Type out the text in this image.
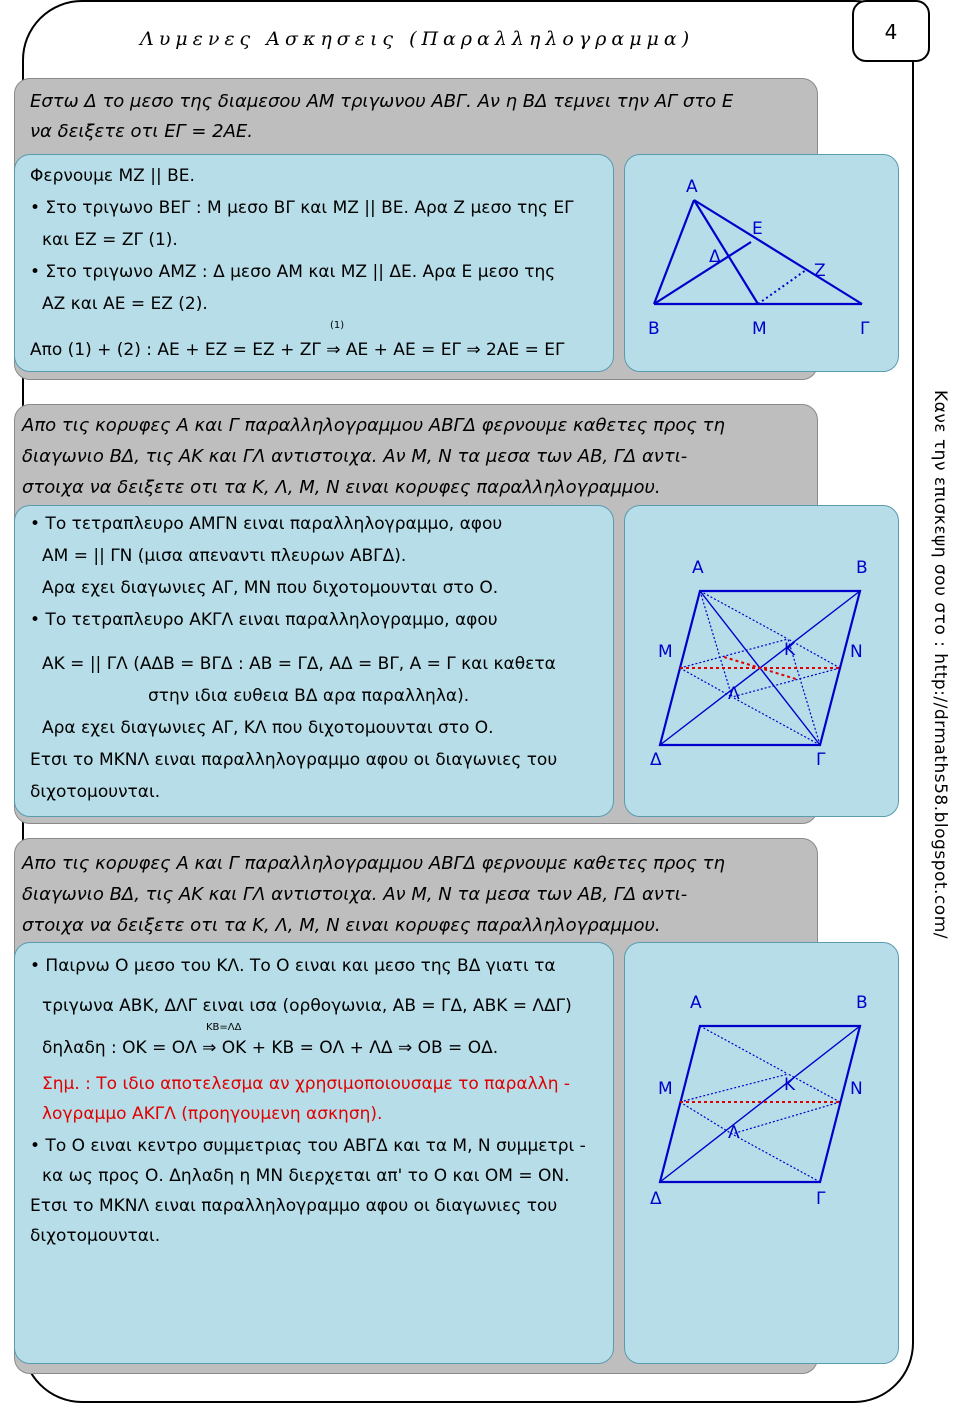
Λυμενες Ασκησεις (Παραλληλογραμμα)	4
Κανε την επισκεψη σου στο : http://drmaths58.blogspot.com/
Εστω Δ το μεσο της διαμεσου ΑΜ τριγωνου ΑΒΓ. Αν η ΒΔ τεμνει την ΑΓ στο Ε
να δειξετε οτι ΕΓ = 2ΑΕ.
Φερνουμε ΜΖ || ΒΕ.
• Στο τριγωνο ΒΕΓ : Μ μεσο ΒΓ και ΜΖ || ΒΕ. Αρα Ζ μεσο της ΕΓ
και ΕΖ = ΖΓ (1).
• Στο τριγωνο ΑΜΖ : Δ μεσο ΑΜ και ΜΖ || ΔΕ. Αρα Ε μεσο της
ΑΖ και ΑΕ = ΕΖ (2).
Απο (1) + (2) : ΑΕ + ΕΖ = ΕΖ + ΖΓ ⇒ ΑΕ + ΑΕ = ΕΓ ⇒ 2ΑΕ = ΕΓ
(1)
Α
Β	Γ
Δ
Ε
Μ
Ζ
Απο τις κορυφες Α και Γ παραλληλογραμμου ΑΒΓΔ φερνουμε καθετες προς τη
διαγωνιο ΒΔ, τις ΑΚ και ΓΛ αντιστοιχα. Αν Μ, Ν τα μεσα των ΑΒ, ΓΔ αντι-
στοιχα να δειξετε οτι τα Κ, Λ, Μ, Ν ειναι κορυφες παραλληλογραμμου.
• Το τετραπλευρο ΑΜΓΝ ειναι παραλληλογραμμο, αφου
ΑΜ = || ΓΝ (μισα απεναντι πλευρων ΑΒΓΔ).
Αρα εχει διαγωνιες ΑΓ, ΜΝ που διχοτομουνται στο Ο.
• Το τετραπλευρο ΑΚΓΛ ειναι παραλληλογραμμο, αφου
ΑΚ = || ΓΛ (ΑΔΒ = ΒΓΔ : ΑΒ = ΓΔ, ΑΔ = ΒΓ, Α = Γ και καθετα
στην ιδια ευθεια ΒΔ αρα παραλληλα).
Αρα εχει διαγωνιες ΑΓ, ΚΛ που διχοτομουνται στο Ο.
Ετσι το ΜΚΝΛ ειναι παραλληλογραμμο αφου οι διαγωνιες του
διχοτομουνται.
Α	Β
Γ
Δ
Μ	Ν
Κ
Λ
Απο τις κορυφες Α και Γ παραλληλογραμμου ΑΒΓΔ φερνουμε καθετες προς τη
διαγωνιο ΒΔ, τις ΑΚ και ΓΛ αντιστοιχα. Αν Μ, Ν τα μεσα των ΑΒ, ΓΔ αντι-
στοιχα να δειξετε οτι τα Κ, Λ, Μ, Ν ειναι κορυφες παραλληλογραμμου.
• Παιρνω Ο μεσο του ΚΛ. Το Ο ειναι και μεσο της ΒΔ γιατι τα
τριγωνα ΑΒΚ, ΔΛΓ ειναι ισα (ορθογωνια, ΑΒ = ΓΔ, ΑΒΚ = ΛΔΓ)
ΚΒ=ΛΔ
δηλαδη : ΟΚ = ΟΛ ⇒ ΟΚ + ΚΒ = ΟΛ + ΛΔ ⇒ ΟΒ = ΟΔ.
Σημ. : Το ιδιο αποτελεσμα αν χρησιμοποιουσαμε το παραλλη -
λογραμμο ΑΚΓΛ (προηγουμενη ασκηση).
• Το Ο ειναι κεντρο συμμετριας του ΑΒΓΔ και τα Μ, Ν συμμετρι -
κα ως προς Ο. Δηλαδη η ΜΝ διερχεται απ' το Ο και ΟΜ = ΟΝ.
Ετσι το ΜΚΝΛ ειναι παραλληλογραμμο αφου οι διαγωνιες του
διχοτομουνται.
Α	Β
Γ
Δ
Μ	Ν
Κ
Λ
